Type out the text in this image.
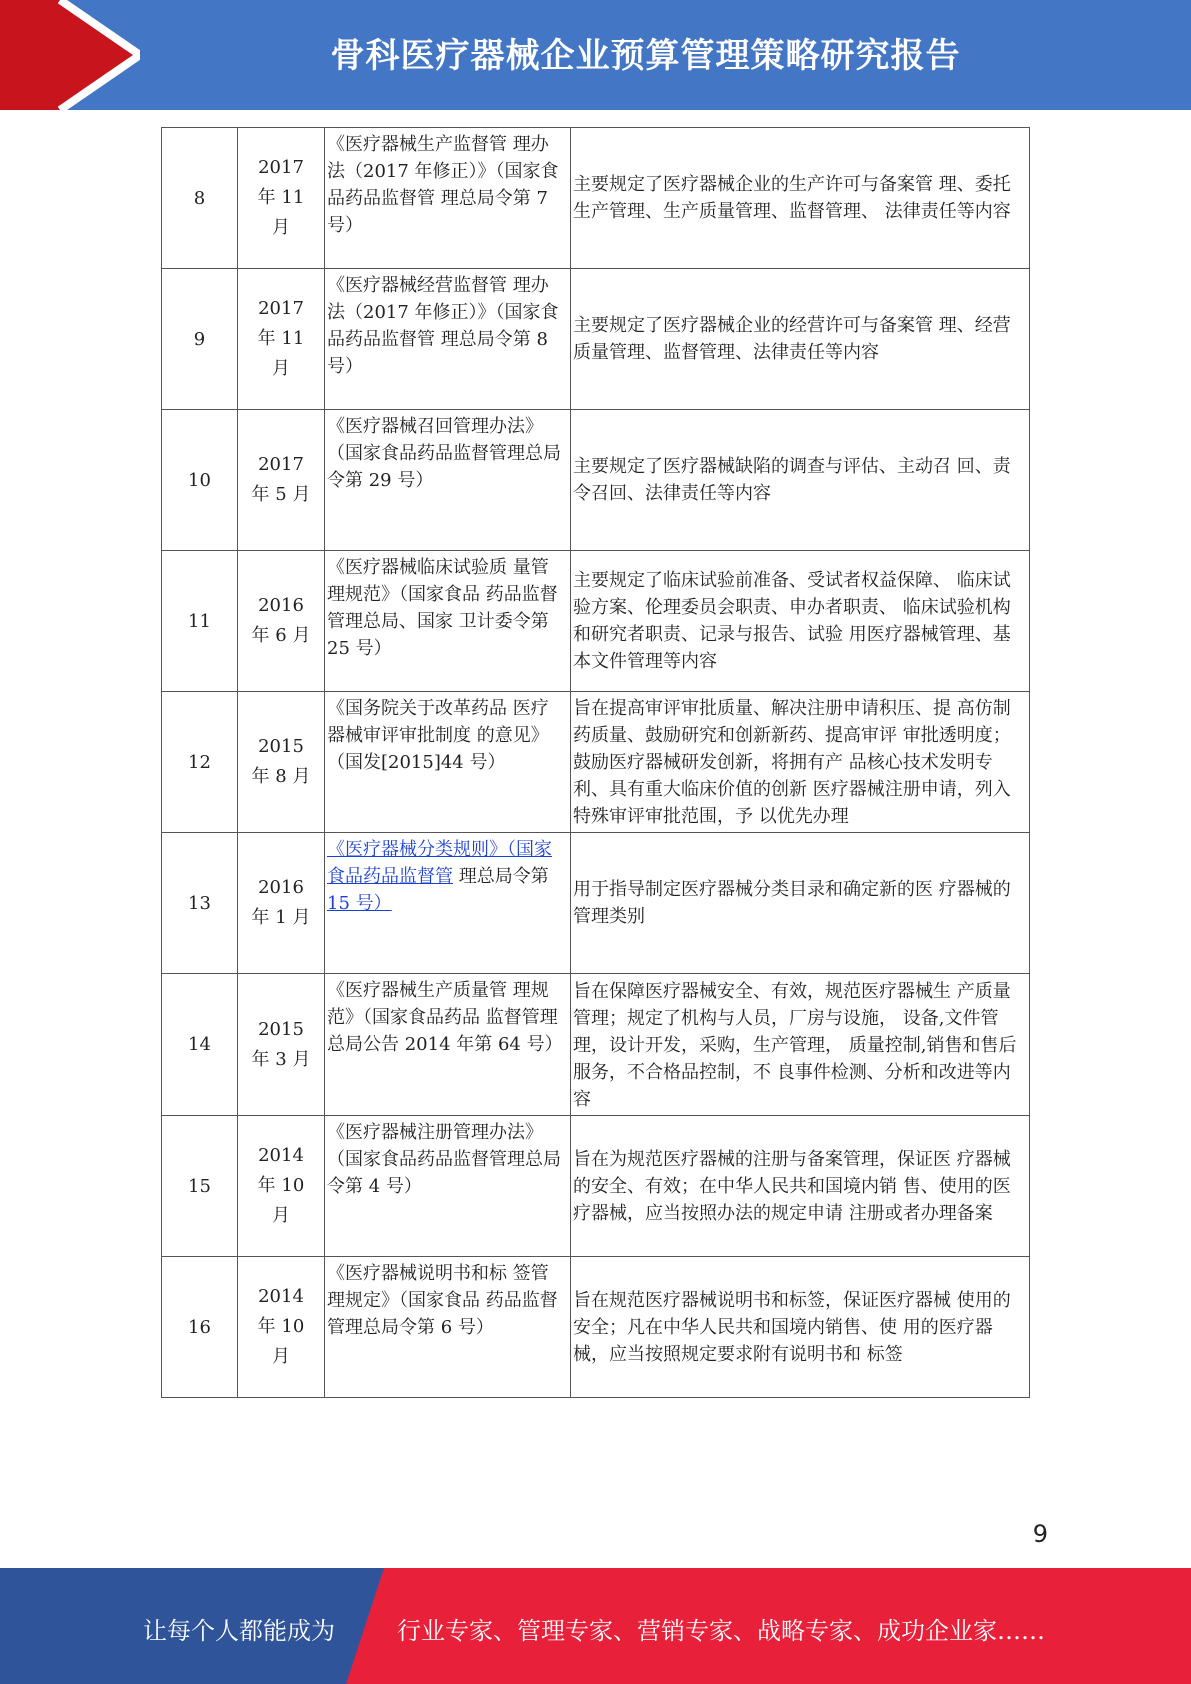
骨科医疗器械企业预算管理策略研究报告
8	2017 年 11 月	《医疗器械生产监督管 理办法（2017 年修正）》（国家食品药品监督管 理总局令第 7 号）	主要规定了医疗器械企业的生产许可与备案管 理、委托生产管理、生产质量管理、监督管理、 法律责任等内容
9	2017 年 11 月	《医疗器械经营监督管 理办法（2017 年修正）》（国家食品药品监督管 理总局令第 8 号）	主要规定了医疗器械企业的经营许可与备案管 理、经营质量管理、监督管理、法律责任等内容
10	2017 年 5 月	《医疗器械召回管理办法》（国家食品药品监督管理总局令第 29 号）	主要规定了医疗器械缺陷的调查与评估、主动召 回、责令召回、法律责任等内容
11	2016 年 6 月	《医疗器械临床试验质 量管理规范》（国家食品 药品监督管理总局、国家 卫计委令第 25 号）	主要规定了临床试验前准备、受试者权益保障、 临床试验方案、伦理委员会职责、申办者职责、 临床试验机构和研究者职责、记录与报告、试验 用医疗器械管理、基本文件管理等内容
12	2015 年 8 月	《国务院关于改革药品 医疗器械审评审批制度 的意见》（国发[2015]44 号）	旨在提高审评审批质量、解决注册申请积压、提 高仿制药质量、鼓励研究和创新新药、提高审评 审批透明度；鼓励医疗器械研发创新，将拥有产 品核心技术发明专利、具有重大临床价值的创新 医疗器械注册申请，列入特殊审评审批范围，予 以优先办理
13	2016 年 1 月	《医疗器械分类规则》（国家食品药品监督管 理总局令第 15 号）	用于指导制定医疗器械分类目录和确定新的医 疗器械的管理类别
14	2015 年 3 月	《医疗器械生产质量管 理规范》（国家食品药品 监督管理总局公告 2014 年第 64 号）	旨在保障医疗器械安全、有效，规范医疗器械生 产质量管理；规定了机构与人员，厂房与设施， 设备,文件管理，设计开发，采购，生产管理， 质量控制,销售和售后服务，不合格品控制，不 良事件检测、分析和改进等内容
15	2014 年 10 月	《医疗器械注册管理办法》（国家食品药品监督管理总局令第 4 号）	旨在为规范医疗器械的注册与备案管理，保证医 疗器械的安全、有效；在中华人民共和国境内销 售、使用的医疗器械，应当按照办法的规定申请 注册或者办理备案
16	2014 年 10 月	《医疗器械说明书和标 签管理规定》（国家食品 药品监督管理总局令第 6 号）	旨在规范医疗器械说明书和标签，保证医疗器械 使用的安全；凡在中华人民共和国境内销售、使 用的医疗器械，应当按照规定要求附有说明书和 标签
9
让每个人都能成为	行业专家、管理专家、营销专家、战略专家、成功企业家……
